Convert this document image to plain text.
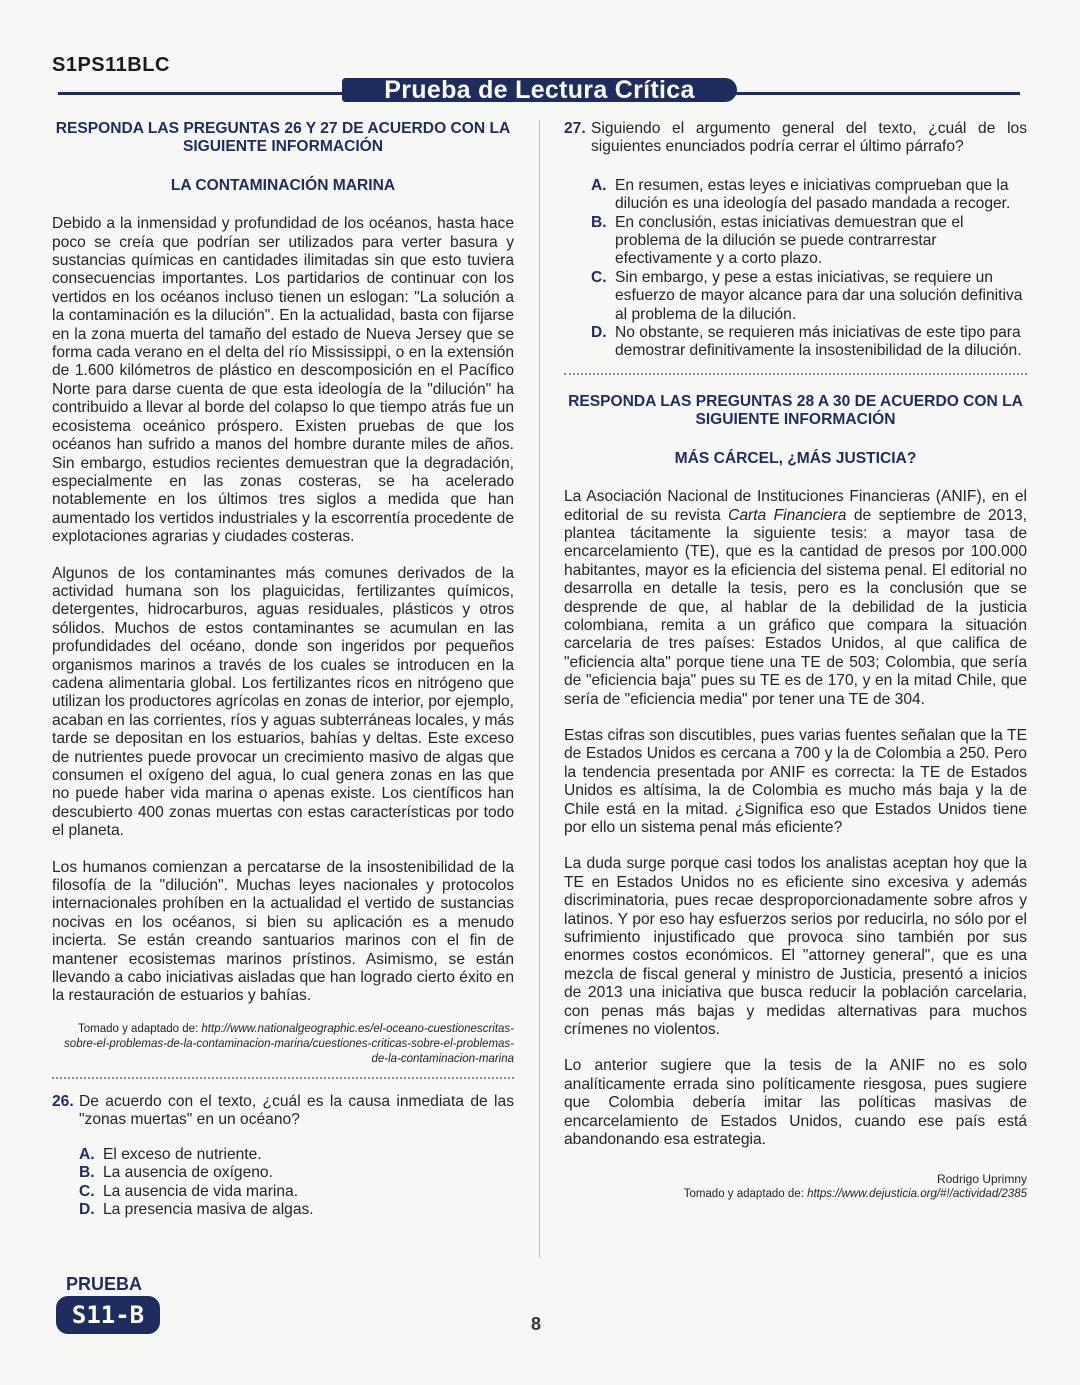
S1PS11BLC
Prueba de Lectura Crítica
RESPONDA LAS PREGUNTAS 26 Y 27 DE ACUERDO CON LA SIGUIENTE INFORMACIÓN
LA CONTAMINACIÓN MARINA

Debido a la inmensidad y profundidad de los océanos, hasta hace poco se creía que podrían ser utilizados para verter basura y sustancias químicas en cantidades ilimitadas sin que esto tuviera consecuencias importantes. Los partidarios de continuar con los vertidos en los océanos incluso tienen un eslogan: "La solución a la contaminación es la dilución". En la actualidad, basta con fijarse en la zona muerta del tamaño del estado de Nueva Jersey que se forma cada verano en el delta del río Mississippi, o en la extensión de 1.600 kilómetros de plástico en descomposición en el Pacífico Norte para darse cuenta de que esta ideología de la "dilución" ha contribuido a llevar al borde del colapso lo que tiempo atrás fue un ecosistema oceánico próspero. Existen pruebas de que los océanos han sufrido a manos del hombre durante miles de años. Sin embargo, estudios recientes demuestran que la degradación, especialmente en las zonas costeras, se ha acelerado notablemente en los últimos tres siglos a medida que han aumentado los vertidos industriales y la escorrentía procedente de explotaciones agrarias y ciudades costeras.

Algunos de los contaminantes más comunes derivados de la actividad humana son los plaguicidas, fertilizantes químicos, detergentes, hidrocarburos, aguas residuales, plásticos y otros sólidos. Muchos de estos contaminantes se acumulan en las profundidades del océano, donde son ingeridos por pequeños organismos marinos a través de los cuales se introducen en la cadena alimentaria global. Los fertilizantes ricos en nitrógeno que utilizan los productores agrícolas en zonas de interior, por ejemplo, acaban en las corrientes, ríos y aguas subterráneas locales, y más tarde se depositan en los estuarios, bahías y deltas. Este exceso de nutrientes puede provocar un crecimiento masivo de algas que consumen el oxígeno del agua, lo cual genera zonas en las que no puede haber vida marina o apenas existe. Los científicos han descubierto 400 zonas muertas con estas características por todo el planeta.

Los humanos comienzan a percatarse de la insostenibilidad de la filosofía de la "dilución". Muchas leyes nacionales y protocolos internacionales prohíben en la actualidad el vertido de sustancias nocivas en los océanos, si bien su aplicación es a menudo incierta. Se están creando santuarios marinos con el fin de mantener ecosistemas marinos prístinos. Asimismo, se están llevando a cabo iniciativas aisladas que han logrado cierto éxito en la restauración de estuarios y bahías.

Tomado y adaptado de: http://www.nationalgeographic.es/el-oceano-cuestionescritas-sobre-el-problemas-de-la-contaminacion-marina/cuestiones-criticas-sobre-el-problemas-de-la-contaminacion-marina
26. De acuerdo con el texto, ¿cuál es la causa inmediata de las "zonas muertas" en un océano?
A. El exceso de nutriente.
B. La ausencia de oxígeno.
C. La ausencia de vida marina.
D. La presencia masiva de algas.
27. Siguiendo el argumento general del texto, ¿cuál de los siguientes enunciados podría cerrar el último párrafo?
A. En resumen, estas leyes e iniciativas comprueban que la dilución es una ideología del pasado mandada a recoger.
B. En conclusión, estas iniciativas demuestran que el problema de la dilución se puede contrarrestar efectivamente y a corto plazo.
C. Sin embargo, y pese a estas iniciativas, se requiere un esfuerzo de mayor alcance para dar una solución definitiva al problema de la dilución.
D. No obstante, se requieren más iniciativas de este tipo para demostrar definitivamente la insostenibilidad de la dilución.
RESPONDA LAS PREGUNTAS 28 A 30 DE ACUERDO CON LA SIGUIENTE INFORMACIÓN
MÁS CÁRCEL, ¿MÁS JUSTICIA?

La Asociación Nacional de Instituciones Financieras (ANIF), en el editorial de su revista Carta Financiera de septiembre de 2013, plantea tácitamente la siguiente tesis: a mayor tasa de encarcelamiento (TE), que es la cantidad de presos por 100.000 habitantes, mayor es la eficiencia del sistema penal. El editorial no desarrolla en detalle la tesis, pero es la conclusión que se desprende de que, al hablar de la debilidad de la justicia colombiana, remita a un gráfico que compara la situación carcelaria de tres países: Estados Unidos, al que califica de "eficiencia alta" porque tiene una TE de 503; Colombia, que sería de "eficiencia baja" pues su TE es de 170, y en la mitad Chile, que sería de "eficiencia media" por tener una TE de 304.

Estas cifras son discutibles, pues varias fuentes señalan que la TE de Estados Unidos es cercana a 700 y la de Colombia a 250. Pero la tendencia presentada por ANIF es correcta: la TE de Estados Unidos es altísima, la de Colombia es mucho más baja y la de Chile está en la mitad. ¿Significa eso que Estados Unidos tiene por ello un sistema penal más eficiente?

La duda surge porque casi todos los analistas aceptan hoy que la TE en Estados Unidos no es eficiente sino excesiva y además discriminatoria, pues recae desproporcionadamente sobre afros y latinos. Y por eso hay esfuerzos serios por reducirla, no sólo por el sufrimiento injustificado que provoca sino también por sus enormes costos económicos. El "attorney general", que es una mezcla de fiscal general y ministro de Justicia, presentó a inicios de 2013 una iniciativa que busca reducir la población carcelaria, con penas más bajas y medidas alternativas para muchos crímenes no violentos.

Lo anterior sugiere que la tesis de la ANIF no es solo analíticamente errada sino políticamente riesgosa, pues sugiere que Colombia debería imitar las políticas masivas de encarcelamiento de Estados Unidos, cuando ese país está abandonando esa estrategia.

Rodrigo Uprimny
Tomado y adaptado de: https://www.dejusticia.org/#!/actividad/2385
PRUEBA
S11-B	8
